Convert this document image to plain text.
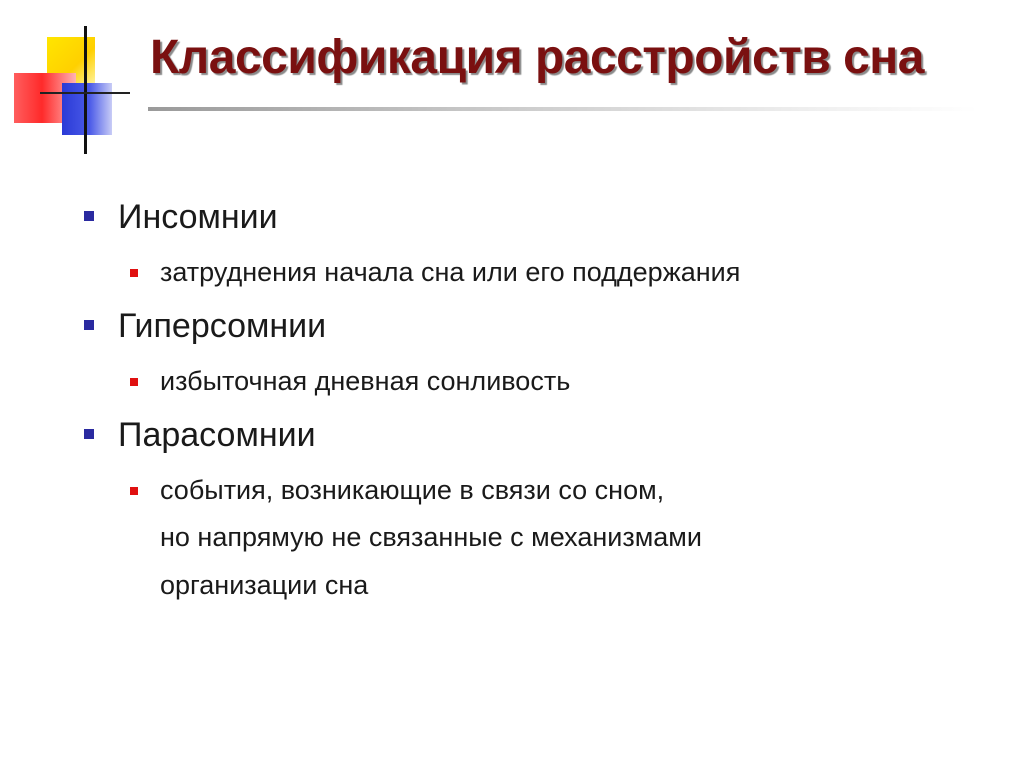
Классификация расстройств сна
Инсомнии
затруднения начала сна или его поддержания
Гиперсомнии
избыточная дневная сонливость
Парасомнии
события, возникающие в связи со сном,
но напрямую не связанные с механизмами
организации сна
